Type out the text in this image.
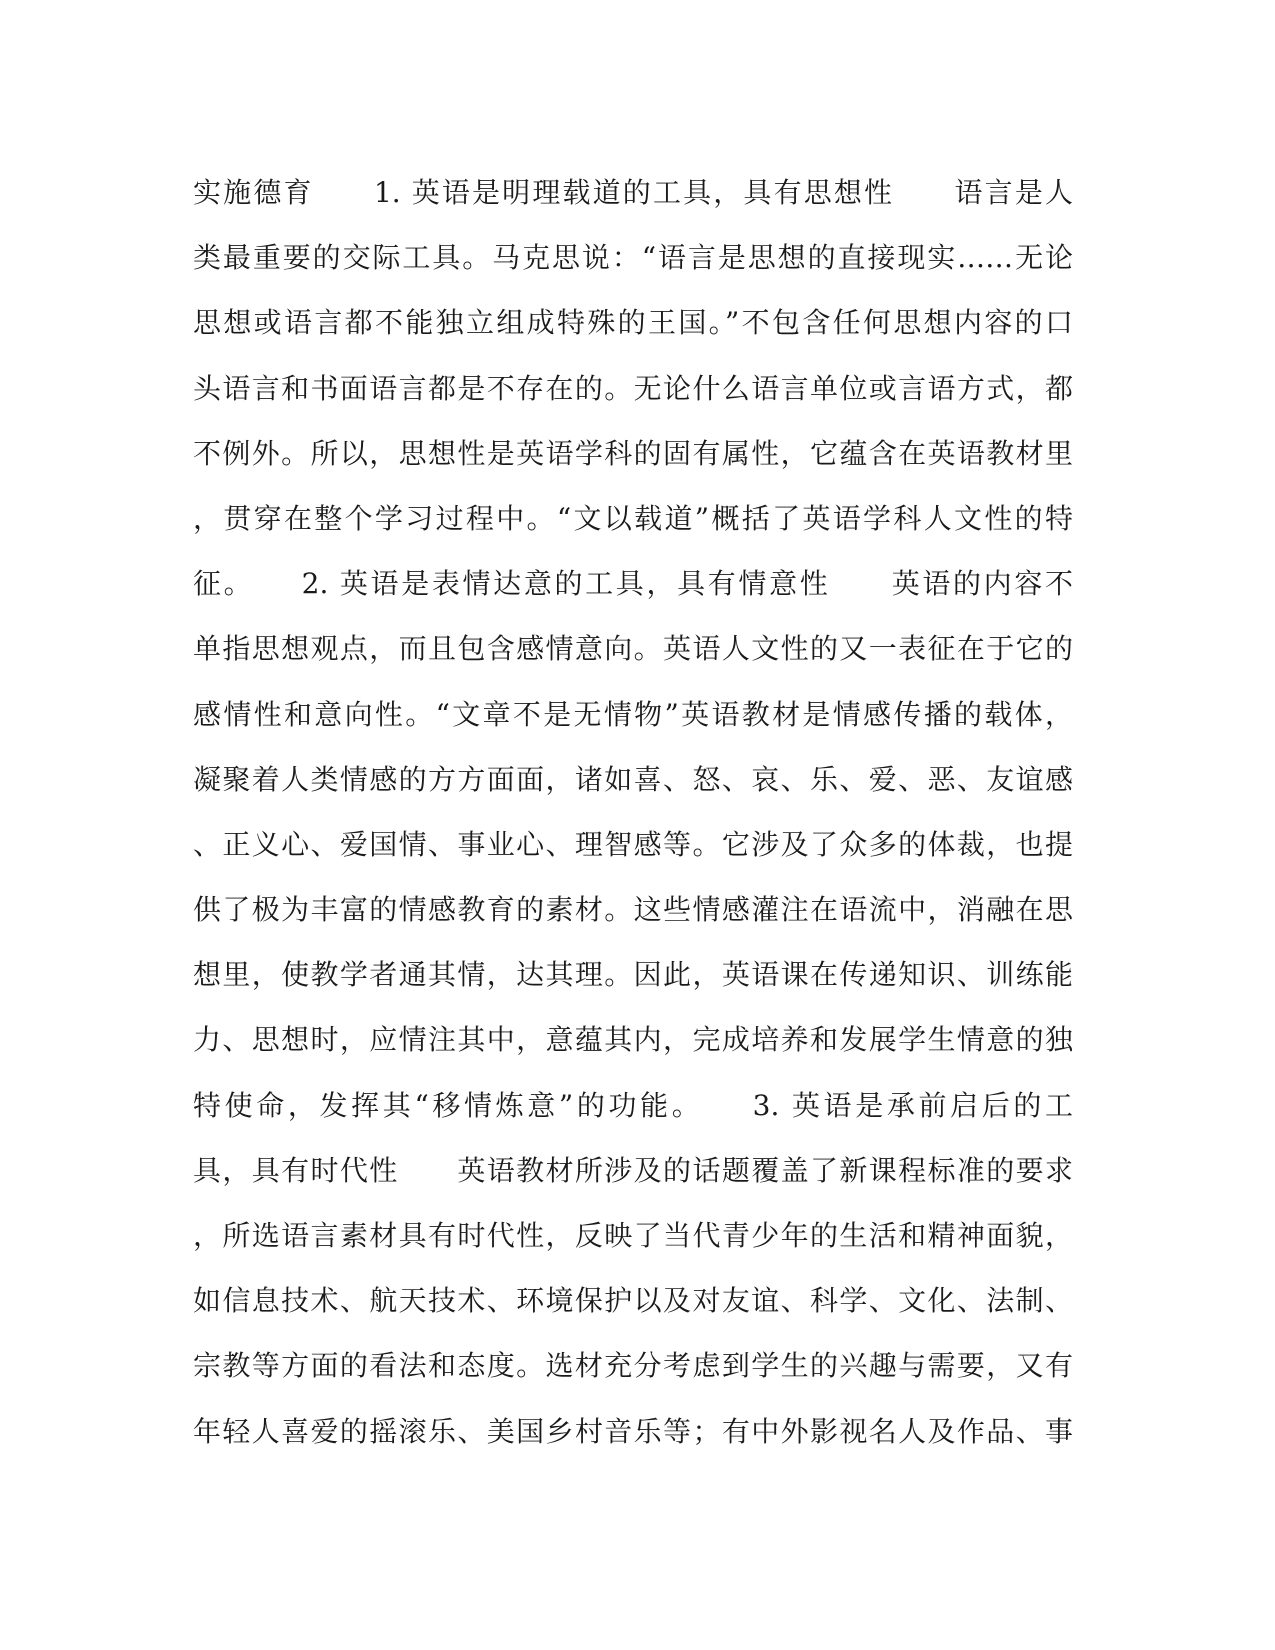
实施德育　　1. 英语是明理载道的工具，具有思想性　　语言是人
类最重要的交际工具。马克思说：“语言是思想的直接现实……无论
思想或语言都不能独立组成特殊的王国。”不包含任何思想内容的口
头语言和书面语言都是不存在的。无论什么语言单位或言语方式，都
不例外。所以，思想性是英语学科的固有属性，它蕴含在英语教材里
，贯穿在整个学习过程中。“文以载道”概括了英语学科人文性的特
征。　　2. 英语是表情达意的工具，具有情意性　　英语的内容不
单指思想观点，而且包含感情意向。英语人文性的又一表征在于它的
感情性和意向性。“文章不是无情物”英语教材是情感传播的载体，
凝聚着人类情感的方方面面，诸如喜、怒、哀、乐、爱、恶、友谊感
、正义心、爱国情、事业心、理智感等。它涉及了众多的体裁，也提
供了极为丰富的情感教育的素材。这些情感灌注在语流中，消融在思
想里，使教学者通其情，达其理。因此，英语课在传递知识、训练能
力、思想时，应情注其中，意蕴其内，完成培养和发展学生情意的独
特使命，发挥其“移情炼意”的功能。　　3. 英语是承前启后的工
具，具有时代性　　英语教材所涉及的话题覆盖了新课程标准的要求
，所选语言素材具有时代性，反映了当代青少年的生活和精神面貌，
如信息技术、航天技术、环境保护以及对友谊、科学、文化、法制、
宗教等方面的看法和态度。选材充分考虑到学生的兴趣与需要，又有
年轻人喜爱的摇滚乐、美国乡村音乐等；有中外影视名人及作品、事
